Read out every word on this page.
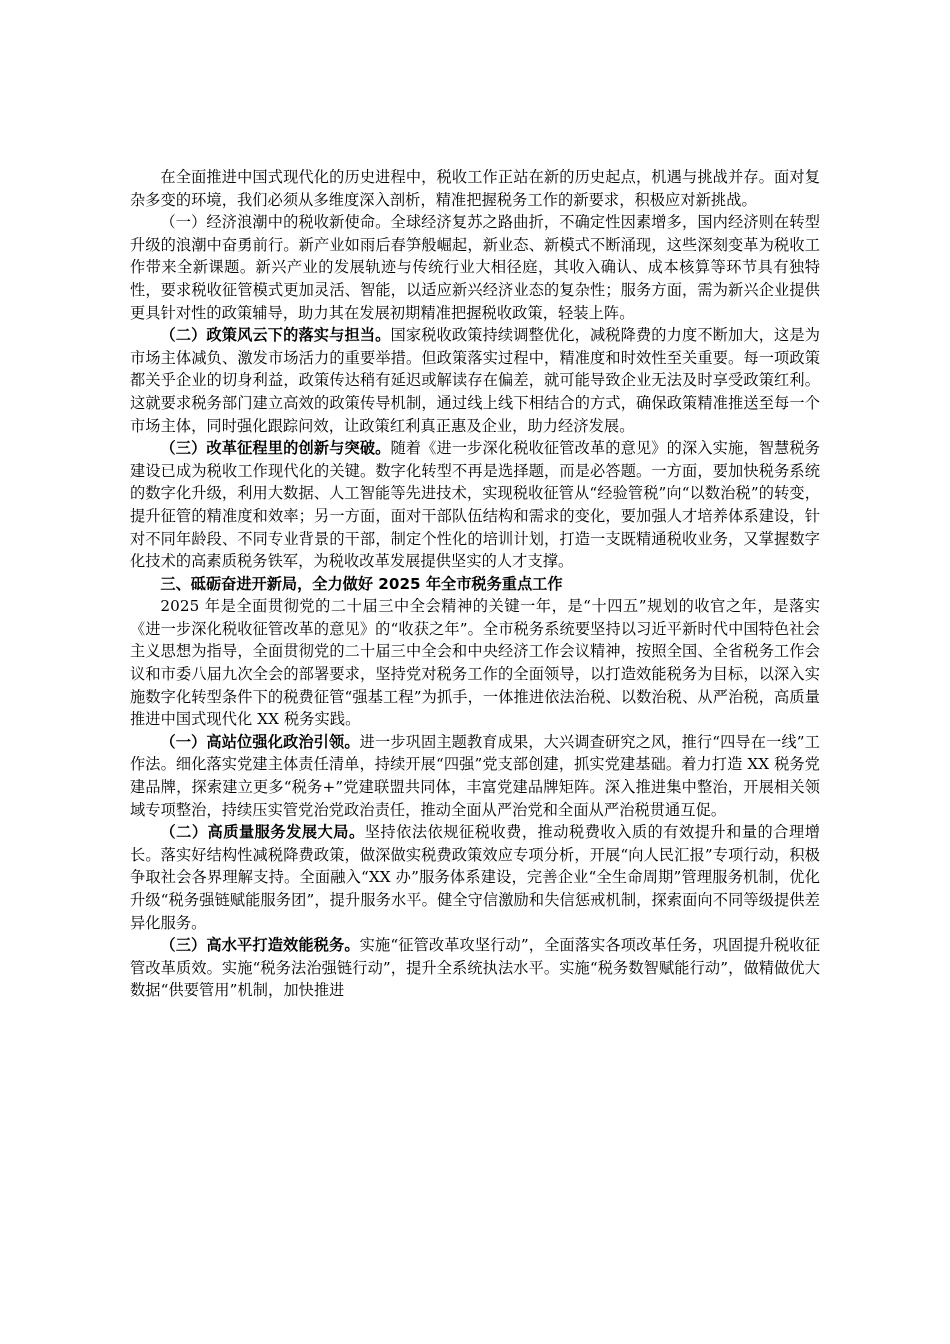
在全面推进中国式现代化的历史进程中，税收工作正站在新的历史起点，机遇与挑战并存。面对复杂多变的环境，我们必须从多维度深入剖析，精准把握税务工作的新要求，积极应对新挑战。

（一）经济浪潮中的税收新使命。全球经济复苏之路曲折，不确定性因素增多，国内经济则在转型升级的浪潮中奋勇前行。新产业如雨后春笋般崛起，新业态、新模式不断涌现，这些深刻变革为税收工作带来全新课题。新兴产业的发展轨迹与传统行业大相径庭，其收入确认、成本核算等环节具有独特性，要求税收征管模式更加灵活、智能，以适应新兴经济业态的复杂性；服务方面，需为新兴企业提供更具针对性的政策辅导，助力其在发展初期精准把握税收政策，轻装上阵。

（二）政策风云下的落实与担当。国家税收政策持续调整优化，减税降费的力度不断加大，这是为市场主体减负、激发市场活力的重要举措。但政策落实过程中，精准度和时效性至关重要。每一项政策都关乎企业的切身利益，政策传达稍有延迟或解读存在偏差，就可能导致企业无法及时享受政策红利。这就要求税务部门建立高效的政策传导机制，通过线上线下相结合的方式，确保政策精准推送至每一个市场主体，同时强化跟踪问效，让政策红利真正惠及企业，助力经济发展。

（三）改革征程里的创新与突破。随着《进一步深化税收征管改革的意见》的深入实施，智慧税务建设已成为税收工作现代化的关键。数字化转型不再是选择题，而是必答题。一方面，要加快税务系统的数字化升级，利用大数据、人工智能等先进技术，实现税收征管从“经验管税”向“以数治税”的转变，提升征管的精准度和效率；另一方面，面对干部队伍结构和需求的变化，要加强人才培养体系建设，针对不同年龄段、不同专业背景的干部，制定个性化的培训计划，打造一支既精通税收业务，又掌握数字化技术的高素质税务铁军，为税收改革发展提供坚实的人才支撑。

三、砥砺奋进开新局，全力做好 2025 年全市税务重点工作

2025 年是全面贯彻党的二十届三中全会精神的关键一年，是“十四五”规划的收官之年，是落实《进一步深化税收征管改革的意见》的“收获之年”。全市税务系统要坚持以习近平新时代中国特色社会主义思想为指导，全面贯彻党的二十届三中全会和中央经济工作会议精神，按照全国、全省税务工作会议和市委八届九次全会的部署要求，坚持党对税务工作的全面领导，以打造效能税务为目标，以深入实施数字化转型条件下的税费征管“强基工程”为抓手，一体推进依法治税、以数治税、从严治税，高质量推进中国式现代化 XX 税务实践。

（一）高站位强化政治引领。进一步巩固主题教育成果，大兴调查研究之风，推行“四导在一线”工作法。细化落实党建主体责任清单，持续开展“四强”党支部创建，抓实党建基础。着力打造 XX 税务党建品牌，探索建立更多“税务+”党建联盟共同体，丰富党建品牌矩阵。深入推进集中整治，开展相关领域专项整治，持续压实管党治党政治责任，推动全面从严治党和全面从严治税贯通互促。

（二）高质量服务发展大局。坚持依法依规征税收费，推动税费收入质的有效提升和量的合理增长。落实好结构性减税降费政策，做深做实税费政策效应专项分析，开展“向人民汇报”专项行动，积极争取社会各界理解支持。全面融入“XX 办”服务体系建设，完善企业“全生命周期”管理服务机制，优化升级“税务强链赋能服务团”，提升服务水平。健全守信激励和失信惩戒机制，探索面向不同等级提供差异化服务。

（三）高水平打造效能税务。实施“征管改革攻坚行动”，全面落实各项改革任务，巩固提升税收征管改革质效。实施“税务法治强链行动”，提升全系统执法水平。实施“税务数智赋能行动”，做精做优大数据“供要管用”机制，加快推进
